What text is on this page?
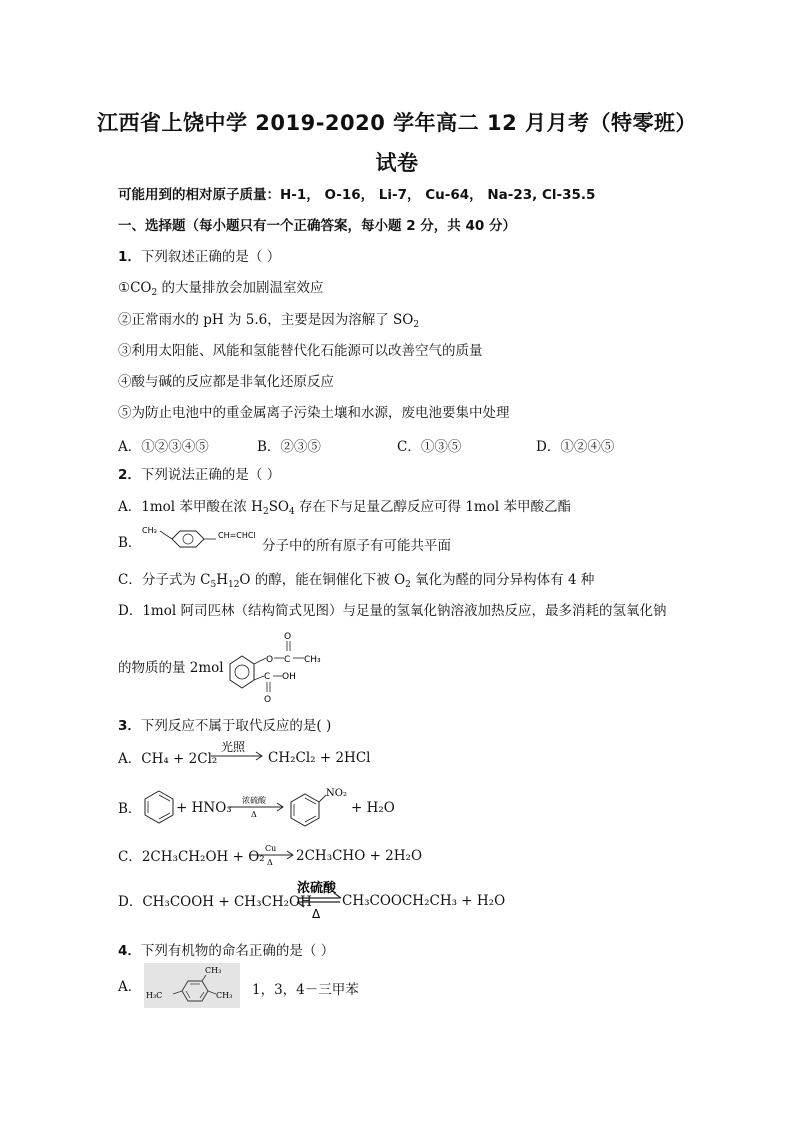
江西省上饶中学 2019-2020 学年高二 12 月月考（特零班）
试卷
可能用到的相对原子质量：H-1， O-16， Li-7， Cu-64， Na-23, Cl-35.5
一、选择题（每小题只有一个正确答案，每小题 2 分，共 40 分）
1．下列叙述正确的是（ ）
$①CO_2$ 的大量排放会加剧温室效应
②正常雨水的 pH 为 5.6，主要是因为溶解了 $SO_2$
③利用太阳能、风能和氢能替代化石能源可以改善空气的质量
④酸与碱的反应都是非氧化还原反应
⑤为防止电池中的重金属离子污染土壤和水源，废电池要集中处理
A．①②③④⑤	B．②③⑤	C．①③⑤	D．①②④⑤
2．下列说法正确的是（ ）
A．1mol 苯甲酸在浓 $H_2SO_4$ 存在下与足量乙醇反应可得 1mol 苯甲酸乙酯
B．
CH₃
CH=CHCl
分子中的所有原子有可能共平面
C．分子式为 $C_5H_{12}O$ 的醇，能在铜催化下被 $O_2$ 氧化为醛的同分异构体有 4 种
D．1mol 阿司匹林（结构简式见图）与足量的氢氧化钠溶液加热反应，最多消耗的氢氧化钠
的物质的量 2mol	O C
O
CH₃
C OH
O
3．下列反应不属于取代反应的是( )
A．CH₄ + 2Cl₂
光照
CH₂Cl₂ + 2HCl
B．	+ HNO₃ 浓硫酸
Δ
NO₂
+ H₂O
C．2CH₃CH₂OH + O₂
Cu
Δ 2CH₃CHO + 2H₂O
D．CH₃COOH + CH₃CH₂OH
浓硫酸
Δ
CH₃COOCH₂CH₃ + H₂O
4．下列有机物的命名正确的是（ ）
A．
CH₃
H₃C	CH₃ 1，3，4－三甲苯
